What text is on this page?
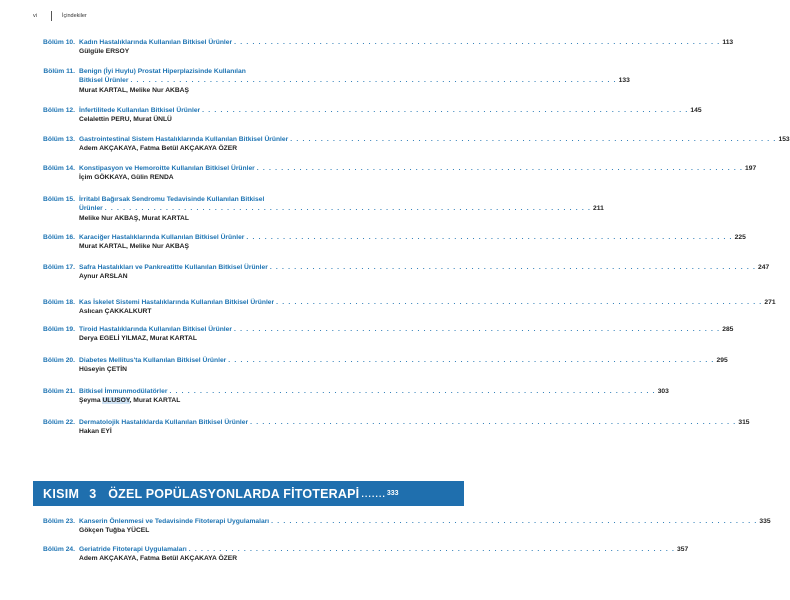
vi	İçindekiler
Bölüm 10. Kadın Hastalıklarında Kullanılan Bitkisel Ürünler . . . . . . . . . . . . . . . . . . . . . . . . . . . . . . . . . . . . . . . . . . . . . . . . . . . . . . . . . . . . . . . . . . . . . . . . . . . . . . . . 113
Gülgüle ERSOY
Bölüm 11. Benign (İyi Huylu) Prostat Hiperplazisinde Kullanılan
Bitkisel Ürünler . . . . . . . . . . . . . . . . . . . . . . . . . . . . . . . . . . . . . . . . . . . . . . . . . . . . . . . . . . . . . . . . . . . . . . . . . . . . . . . . 133
Murat KARTAL, Melike Nur AKBAŞ
Bölüm 12. İnfertilitede Kullanılan Bitkisel Ürünler . . . . . . . . . . . . . . . . . . . . . . . . . . . . . . . . . . . . . . . . . . . . . . . . . . . . . . . . . . . . . . . . . . . . . . . . . . . . . . . . 145
Celalettin PERU, Murat ÜNLÜ
Bölüm 13. Gastrointestinal Sistem Hastalıklarında Kullanılan Bitkisel Ürünler . . . . . . . . . . . . . . . . . . . . . . . . . . . . . . . . . . . . . . . . . . . . . . . . . . . . . . . . . . . . . . . . . . . . . . . . . . . . . . . . 153
Adem AKÇAKAYA, Fatma Betül AKÇAKAYA ÖZER
Bölüm 14. Konstipasyon ve Hemoroitte Kullanılan Bitkisel Ürünler . . . . . . . . . . . . . . . . . . . . . . . . . . . . . . . . . . . . . . . . . . . . . . . . . . . . . . . . . . . . . . . . . . . . . . . . . . . . . . . . 197
İçim GÖKKAYA, Gülin RENDA
Bölüm 15. İrritabl Bağırsak Sendromu Tedavisinde Kullanılan Bitkisel
Ürünler . . . . . . . . . . . . . . . . . . . . . . . . . . . . . . . . . . . . . . . . . . . . . . . . . . . . . . . . . . . . . . . . . . . . . . . . . . . . . . . . 211
Melike Nur AKBAŞ, Murat KARTAL
Bölüm 16. Karaciğer Hastalıklarında Kullanılan Bitkisel Ürünler . . . . . . . . . . . . . . . . . . . . . . . . . . . . . . . . . . . . . . . . . . . . . . . . . . . . . . . . . . . . . . . . . . . . . . . . . . . . . . . . 225
Murat KARTAL, Melike Nur AKBAŞ
Bölüm 17. Safra Hastalıkları ve Pankreatitte Kullanılan Bitkisel Ürünler . . . . . . . . . . . . . . . . . . . . . . . . . . . . . . . . . . . . . . . . . . . . . . . . . . . . . . . . . . . . . . . . . . . . . . . . . . . . . . . . 247
Aynur ARSLAN
Bölüm 18. Kas İskelet Sistemi Hastalıklarında Kullanılan Bitkisel Ürünler . . . . . . . . . . . . . . . . . . . . . . . . . . . . . . . . . . . . . . . . . . . . . . . . . . . . . . . . . . . . . . . . . . . . . . . . . . . . . . . . 271
Aslıcan ÇAKKALKURT
Bölüm 19. Tiroid Hastalıklarında Kullanılan Bitkisel Ürünler . . . . . . . . . . . . . . . . . . . . . . . . . . . . . . . . . . . . . . . . . . . . . . . . . . . . . . . . . . . . . . . . . . . . . . . . . . . . . . . . 285
Derya EGELİ YILMAZ, Murat KARTAL
Bölüm 20. Diabetes Mellitus'ta Kullanılan Bitkisel Ürünler . . . . . . . . . . . . . . . . . . . . . . . . . . . . . . . . . . . . . . . . . . . . . . . . . . . . . . . . . . . . . . . . . . . . . . . . . . . . . . . . 295
Hüseyin ÇETİN
Bölüm 21. Bitkisel İmmunmodülatörler . . . . . . . . . . . . . . . . . . . . . . . . . . . . . . . . . . . . . . . . . . . . . . . . . . . . . . . . . . . . . . . . . . . . . . . . . . . . . . . . 303
Şeyma ULUSOY, Murat KARTAL
Bölüm 22. Dermatolojik Hastalıklarda Kullanılan Bitkisel Ürünler . . . . . . . . . . . . . . . . . . . . . . . . . . . . . . . . . . . . . . . . . . . . . . . . . . . . . . . . . . . . . . . . . . . . . . . . . . . . . . . . 315
Hakan EYİ
Bölüm 23. Kanserin Önlenmesi ve Tedavisinde Fitoterapi Uygulamaları . . . . . . . . . . . . . . . . . . . . . . . . . . . . . . . . . . . . . . . . . . . . . . . . . . . . . . . . . . . . . . . . . . . . . . . . . . . . . . . . 335
Gökçen Tuğba YÜCEL
Bölüm 24. Geriatride Fitoterapi Uygulamaları . . . . . . . . . . . . . . . . . . . . . . . . . . . . . . . . . . . . . . . . . . . . . . . . . . . . . . . . . . . . . . . . . . . . . . . . . . . . . . . . 357
Adem AKÇAKAYA, Fatma Betül AKÇAKAYA ÖZER
KISIM 3 ÖZEL POPÜLASYONLARDA FİTOTERAPİ ....... 333
